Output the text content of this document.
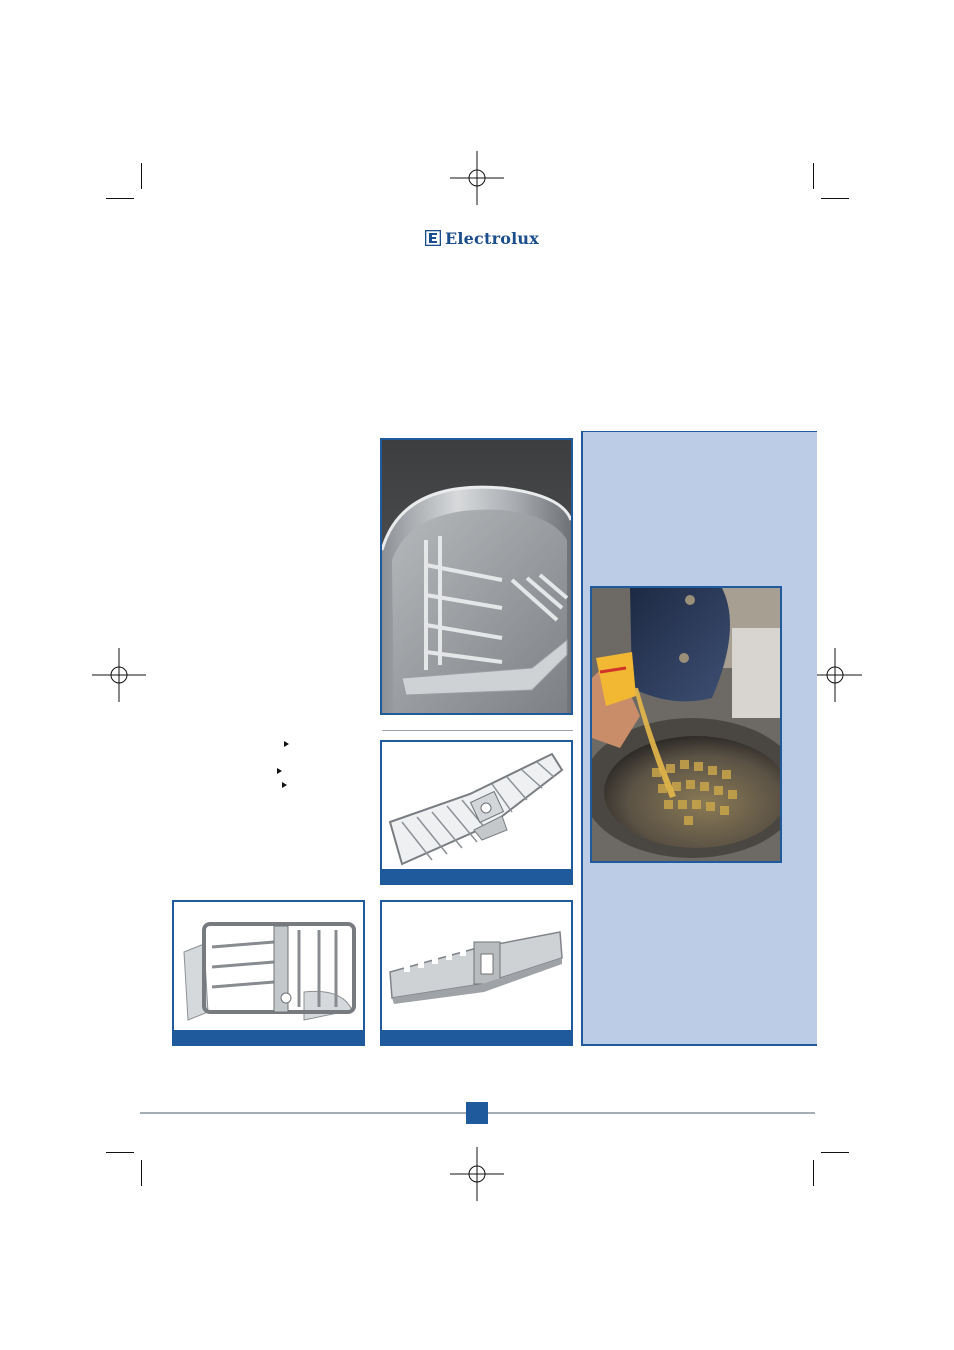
Electrolux
